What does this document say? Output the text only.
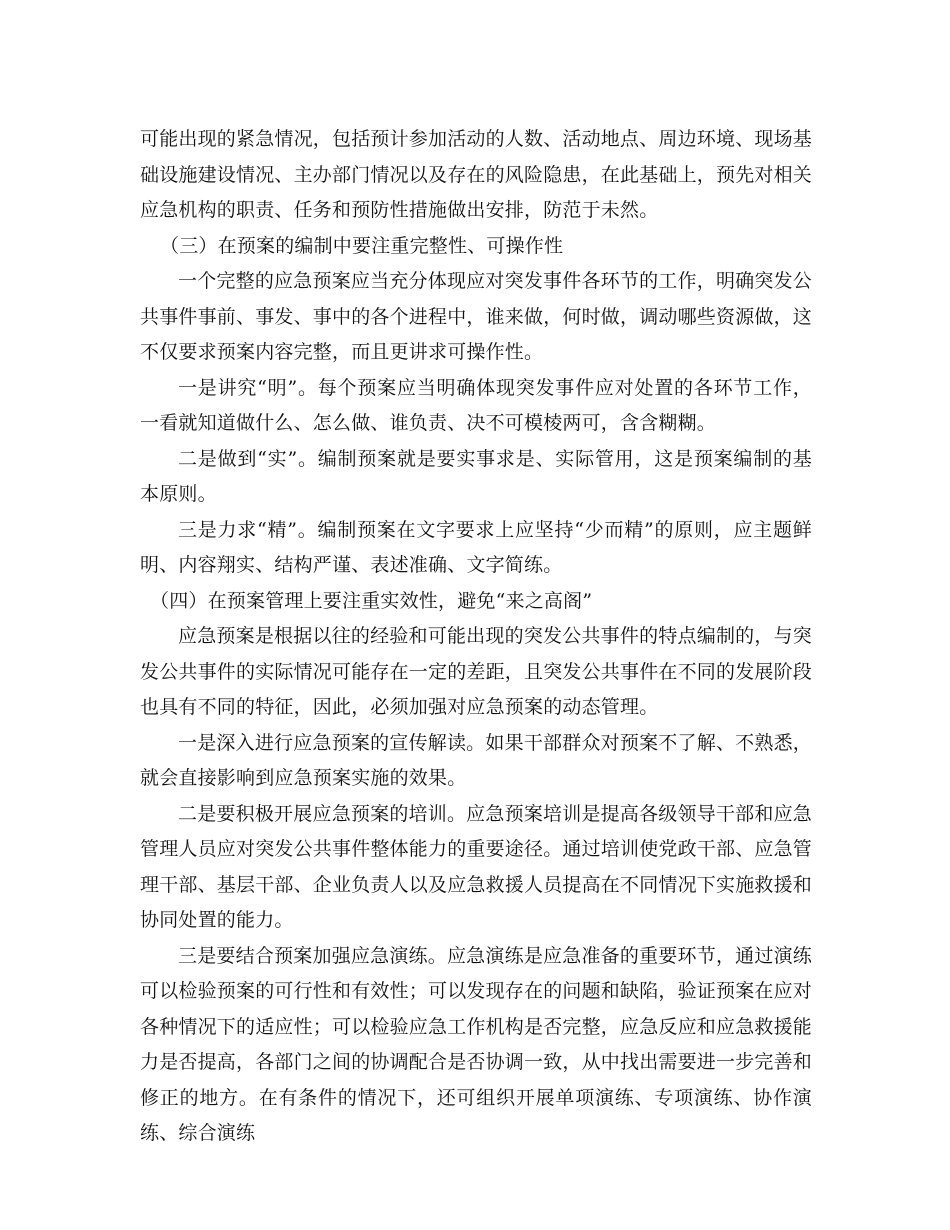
可能出现的紧急情况，包括预计参加活动的人数、活动地点、周边环境、现场基础设施建设情况、主办部门情况以及存在的风险隐患，在此基础上，预先对相关应急机构的职责、任务和预防性措施做出安排，防范于未然。

（三）在预案的编制中要注重完整性、可操作性

一个完整的应急预案应当充分体现应对突发事件各环节的工作，明确突发公共事件事前、事发、事中的各个进程中，谁来做，何时做，调动哪些资源做，这不仅要求预案内容完整，而且更讲求可操作性。

一是讲究“明”。每个预案应当明确体现突发事件应对处置的各环节工作，一看就知道做什么、怎么做、谁负责、决不可模棱两可，含含糊糊。

二是做到“实”。编制预案就是要实事求是、实际管用，这是预案编制的基本原则。

三是力求“精”。编制预案在文字要求上应坚持“少而精”的原则，应主题鲜明、内容翔实、结构严谨、表述准确、文字简练。

（四）在预案管理上要注重实效性，避免“来之高阁”

应急预案是根据以往的经验和可能出现的突发公共事件的特点编制的，与突发公共事件的实际情况可能存在一定的差距，且突发公共事件在不同的发展阶段也具有不同的特征，因此，必须加强对应急预案的动态管理。

一是深入进行应急预案的宣传解读。如果干部群众对预案不了解、不熟悉，就会直接影响到应急预案实施的效果。

二是要积极开展应急预案的培训。应急预案培训是提高各级领导干部和应急管理人员应对突发公共事件整体能力的重要途径。通过培训使党政干部、应急管理干部、基层干部、企业负责人以及应急救援人员提高在不同情况下实施救援和协同处置的能力。

三是要结合预案加强应急演练。应急演练是应急准备的重要环节，通过演练可以检验预案的可行性和有效性；可以发现存在的问题和缺陷，验证预案在应对各种情况下的适应性；可以检验应急工作机构是否完整，应急反应和应急救援能力是否提高，各部门之间的协调配合是否协调一致，从中找出需要进一步完善和修正的地方。在有条件的情况下，还可组织开展单项演练、专项演练、协作演练、综合演练
